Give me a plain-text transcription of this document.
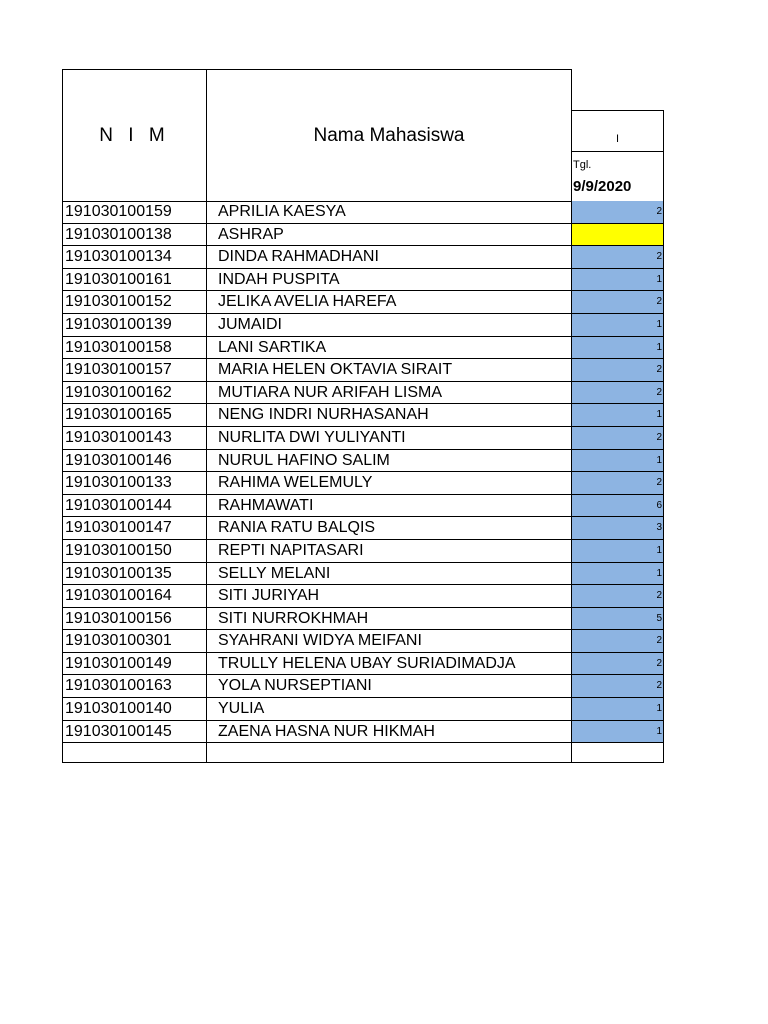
N I M	Nama Mahasiswa	I
Tgl.
9/9/2020
191030100159	APRILIA KAESYA	2
191030100138	ASHRAP
191030100134	DINDA RAHMADHANI	2
191030100161	INDAH PUSPITA	1
191030100152	JELIKA AVELIA HAREFA	2
191030100139	JUMAIDI	1
191030100158	LANI SARTIKA	1
191030100157	MARIA HELEN OKTAVIA SIRAIT	2
191030100162	MUTIARA NUR ARIFAH LISMA	2
191030100165	NENG INDRI NURHASANAH	1
191030100143	NURLITA DWI YULIYANTI	2
191030100146	NURUL HAFINO SALIM	1
191030100133	RAHIMA WELEMULY	2
191030100144	RAHMAWATI	6
191030100147	RANIA RATU BALQIS	3
191030100150	REPTI NAPITASARI	1
191030100135	SELLY MELANI	1
191030100164	SITI JURIYAH	2
191030100156	SITI NURROKHMAH	5
191030100301	SYAHRANI WIDYA MEIFANI	2
191030100149	TRULLY HELENA UBAY SURIADIMADJA	2
191030100163	YOLA NURSEPTIANI	2
191030100140	YULIA	1
191030100145	ZAENA HASNA NUR HIKMAH	1
